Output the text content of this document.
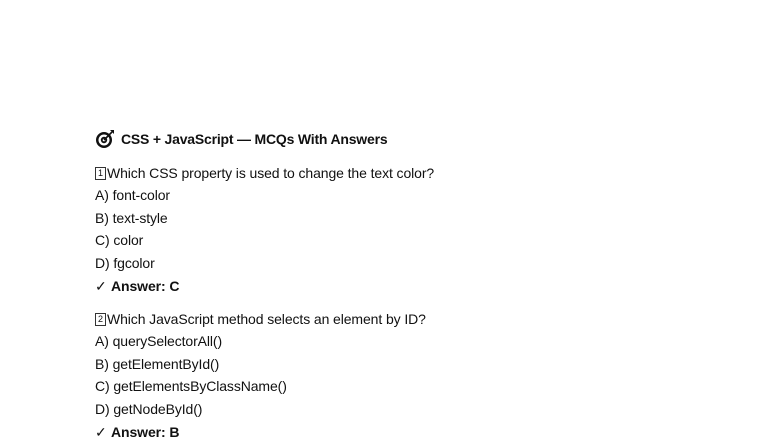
CSS + JavaScript — MCQs With Answers
1 Which CSS property is used to change the text color?
A) font-color
B) text-style
C) color
D) fgcolor
✓ Answer: C
2 Which JavaScript method selects an element by ID?
A) querySelectorAll()
B) getElementById()
C) getElementsByClassName()
D) getNodeById()
✓ Answer: B
